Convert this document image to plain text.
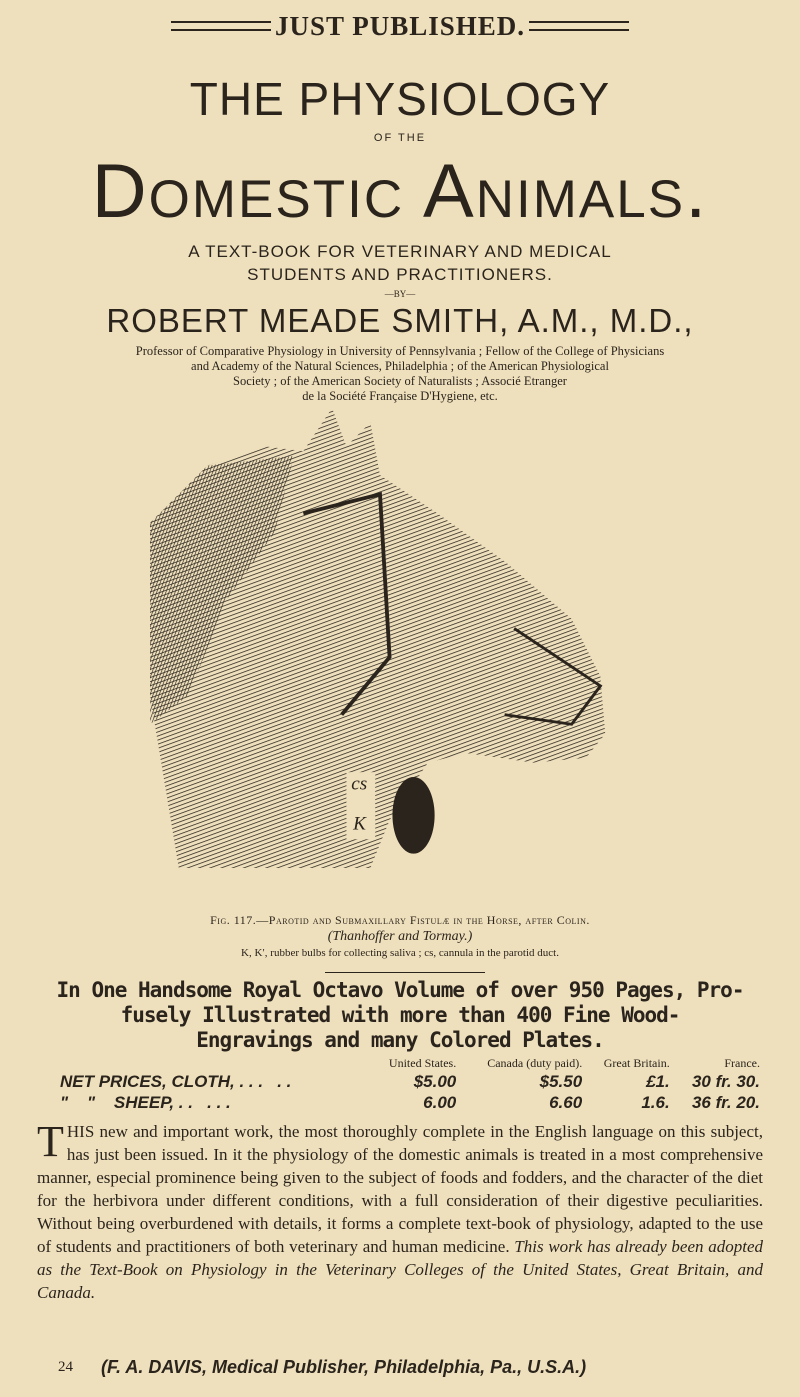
JUST PUBLISHED.
THE PHYSIOLOGY
OF THE
Domestic Animals.
A TEXT-BOOK FOR VETERINARY AND MEDICAL
STUDENTS AND PRACTITIONERS.
—BY—
ROBERT MEADE SMITH, A.M., M.D.,
Professor of Comparative Physiology in University of Pennsylvania ; Fellow of the College of Physicians
and Academy of the Natural Sciences, Philadelphia ; of the American Physiological
Society ; of the American Society of Naturalists ; Associé Etranger
de la Société Française D'Hygiene, etc.
cs
K
Fig. 117.—Parotid and Submaxillary Fistulæ in the Horse, after Colin.
(Thanhoffer and Tormay.)
K, K′, rubber bulbs for collecting saliva ; cs, cannula in the parotid duct.
In One Handsome Royal Octavo Volume of over 950 Pages, Pro-
fusely Illustrated with more than 400 Fine Wood-
Engravings and many Colored Plates.
	United States.	Canada (duty paid).	Great Britain.	France.
NET PRICES, CLOTH, . . .   . .	$5.00	$5.50	£1.	30 fr. 30.
"    "    SHEEP, . .   . . .	6.00	6.60	1.6.	36 fr. 20.
THIS new and important work, the most thoroughly complete in the English language on this subject, has just been issued. In it the physiology of the domestic animals is treated in a most comprehensive manner, especial prominence being given to the subject of foods and fodders, and the character of the diet for the herbivora under different conditions, with a full consideration of their digestive peculiarities. Without being overburdened with details, it forms a complete text-book of physiology, adapted to the use of students and practitioners of both veterinary and human medicine. This work has already been adopted as the Text-Book on Physiology in the Veterinary Colleges of the United States, Great Britain, and Canada.
24 (F. A. DAVIS, Medical Publisher, Philadelphia, Pa., U.S.A.)
